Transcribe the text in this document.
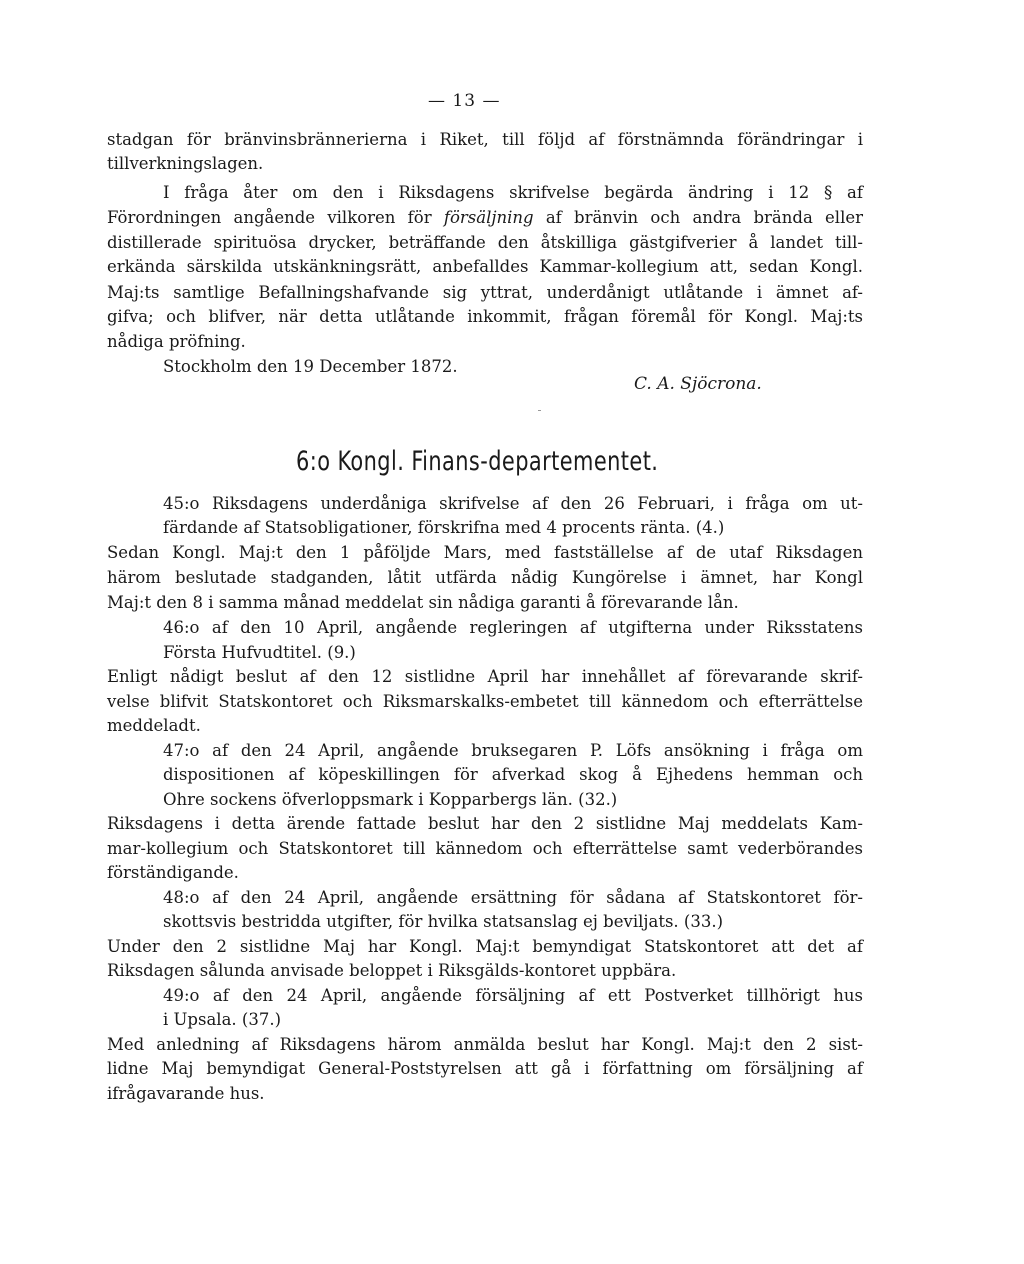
— 13 —
stadgan för bränvinsbrännerierna i Riket, till följd af förstnämnda förändringar i
tillverkningslagen.
I fråga åter om den i Riksdagens skrifvelse begärda ändring i 12 § af
Förordningen angående vilkoren för försäljning af bränvin och andra brända eller
distillerade spirituösa drycker, beträffande den åtskilliga gästgifverier å landet till-
erkända särskilda utskänkningsrätt, anbefalldes Kammar-kollegium att, sedan Kongl.
Maj:ts samtlige Befallningshafvande sig yttrat, underdånigt utlåtande i ämnet af-
gifva; och blifver, när detta utlåtande inkommit, frågan föremål för Kongl. Maj:ts
nådiga pröfning.
Stockholm den 19 December 1872.
C. A. Sjöcrona.
6:o Kongl. Finans-departementet.
45:o Riksdagens underdåniga skrifvelse af den 26 Februari, i fråga om ut-
färdande af Statsobligationer, förskrifna med 4 procents ränta. (4.)
Sedan Kongl. Maj:t den 1 påföljde Mars, med fastställelse af de utaf Riksdagen
härom beslutade stadganden, låtit utfärda nådig Kungörelse i ämnet, har Kongl
Maj:t den 8 i samma månad meddelat sin nådiga garanti å förevarande lån.
46:o af den 10 April, angående regleringen af utgifterna under Riksstatens
Första Hufvudtitel. (9.)
Enligt nådigt beslut af den 12 sistlidne April har innehållet af förevarande skrif-
velse blifvit Statskontoret och Riksmarskalks-embetet till kännedom och efterrättelse
meddeladt.
47:o af den 24 April, angående bruksegaren P. Löfs ansökning i fråga om
dispositionen af köpeskillingen för afverkad skog å Ejhedens hemman och
Ohre sockens öfverloppsmark i Kopparbergs län. (32.)
Riksdagens i detta ärende fattade beslut har den 2 sistlidne Maj meddelats Kam-
mar-kollegium och Statskontoret till kännedom och efterrättelse samt vederbörandes
förständigande.
48:o af den 24 April, angående ersättning för sådana af Statskontoret för-
skottsvis bestridda utgifter, för hvilka statsanslag ej beviljats. (33.)
Under den 2 sistlidne Maj har Kongl. Maj:t bemyndigat Statskontoret att det af
Riksdagen sålunda anvisade beloppet i Riksgälds-kontoret uppbära.
49:o af den 24 April, angående försäljning af ett Postverket tillhörigt hus
i Upsala. (37.)
Med anledning af Riksdagens härom anmälda beslut har Kongl. Maj:t den 2 sist-
lidne Maj bemyndigat General-Poststyrelsen att gå i författning om försäljning af
ifrågavarande hus.
